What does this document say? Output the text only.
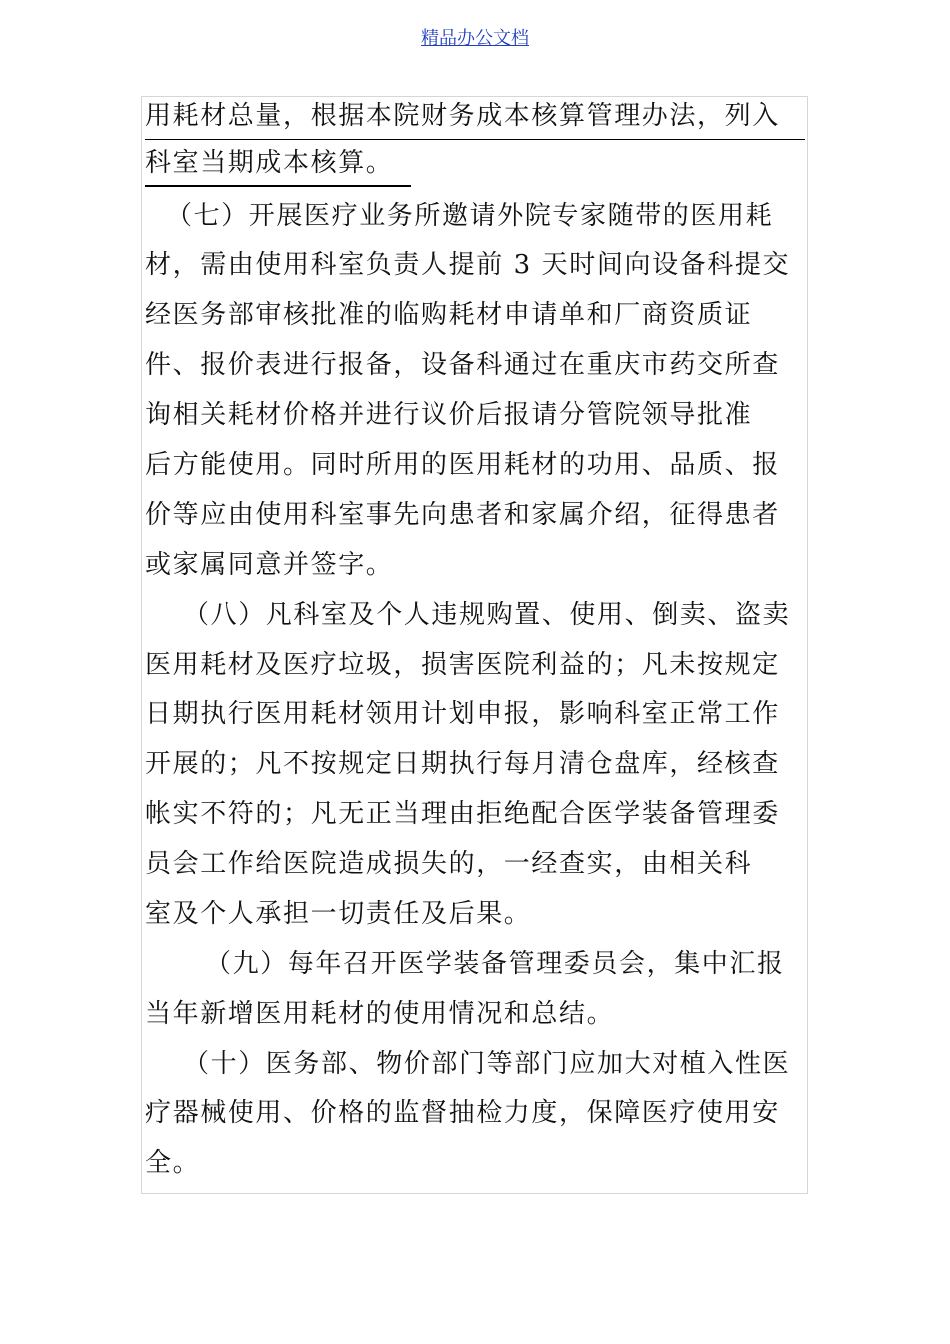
精品办公文档
用耗材总量，根据本院财务成本核算管理办法，列入
科室当期成本核算。
（七）开展医疗业务所邀请外院专家随带的医用耗
材，需由使用科室负责人提前 3 天时间向设备科提交
经医务部审核批准的临购耗材申请单和厂商资质证
件、报价表进行报备，设备科通过在重庆市药交所查
询相关耗材价格并进行议价后报请分管院领导批准
后方能使用。同时所用的医用耗材的功用、品质、报
价等应由使用科室事先向患者和家属介绍，征得患者
或家属同意并签字。
（八）凡科室及个人违规购置、使用、倒卖、盗卖
医用耗材及医疗垃圾，损害医院利益的；凡未按规定
日期执行医用耗材领用计划申报，影响科室正常工作
开展的；凡不按规定日期执行每月清仓盘库，经核查
帐实不符的；凡无正当理由拒绝配合医学装备管理委
员会工作给医院造成损失的，一经查实，由相关科
室及个人承担一切责任及后果。
（九）每年召开医学装备管理委员会，集中汇报
当年新增医用耗材的使用情况和总结。
（十）医务部、物价部门等部门应加大对植入性医
疗器械使用、价格的监督抽检力度，保障医疗使用安
全。
